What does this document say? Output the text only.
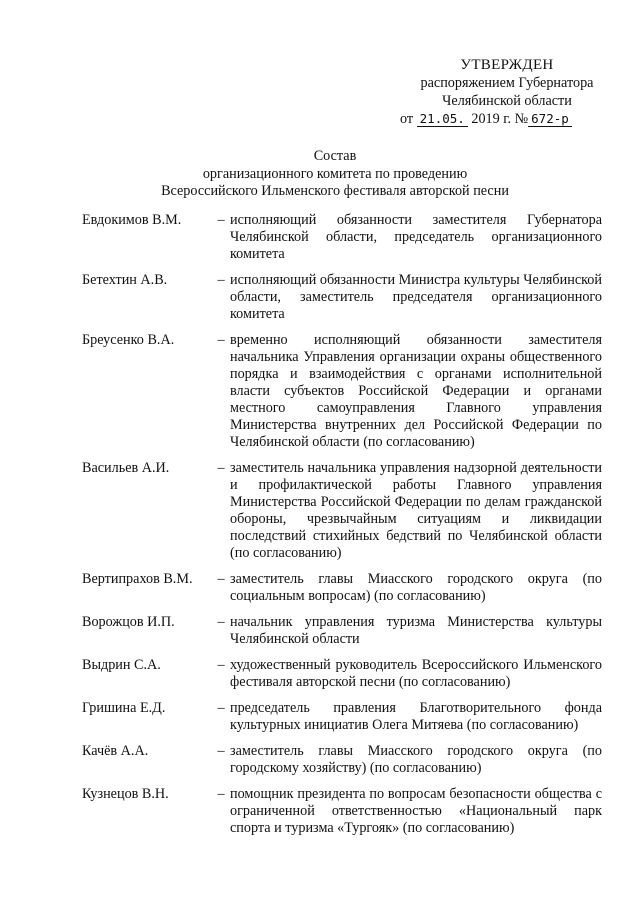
УТВЕРЖДЕН
распоряжением Губернатора
Челябинской области
от 21.05. 2019 г. № 672-р
Состав
организационного комитета по проведению
Всероссийского Ильменского фестиваля авторской песни
Евдокимов В.М.	– исполняющий обязанности заместителя Губернатора Челябинской области, председатель организационного комитета
Бетехтин А.В.	– исполняющий обязанности Министра культуры Челябинской области, заместитель председателя организационного комитета
Бреусенко В.А.	– временно исполняющий обязанности заместителя начальника Управления организации охраны общественного порядка и взаимодействия с органами исполнительной власти субъектов Российской Федерации и органами местного самоуправления Главного управления Министерства внутренних дел Российской Федерации по Челябинской области (по согласованию)
Васильев А.И.	– заместитель начальника управления надзорной деятельности и профилактической работы Главного управления Министерства Российской Федерации по делам гражданской обороны, чрезвычайным ситуациям и ликвидации последствий стихийных бедствий по Челябинской области (по согласованию)
Вертипрахов В.М.	– заместитель главы Миасского городского округа (по социальным вопросам) (по согласованию)
Ворожцов И.П.	– начальник управления туризма Министерства культуры Челябинской области
Выдрин С.А.	– художественный руководитель Всероссийского Ильменского фестиваля авторской песни (по согласованию)
Гришина Е.Д.	– председатель правления Благотворительного фонда культурных инициатив Олега Митяева (по согласованию)
Качёв А.А.	– заместитель главы Миасского городского округа (по городскому хозяйству) (по согласованию)
Кузнецов В.Н.	– помощник президента по вопросам безопасности общества с ограниченной ответственностью «Национальный парк спорта и туризма «Тургояк» (по согласованию)
